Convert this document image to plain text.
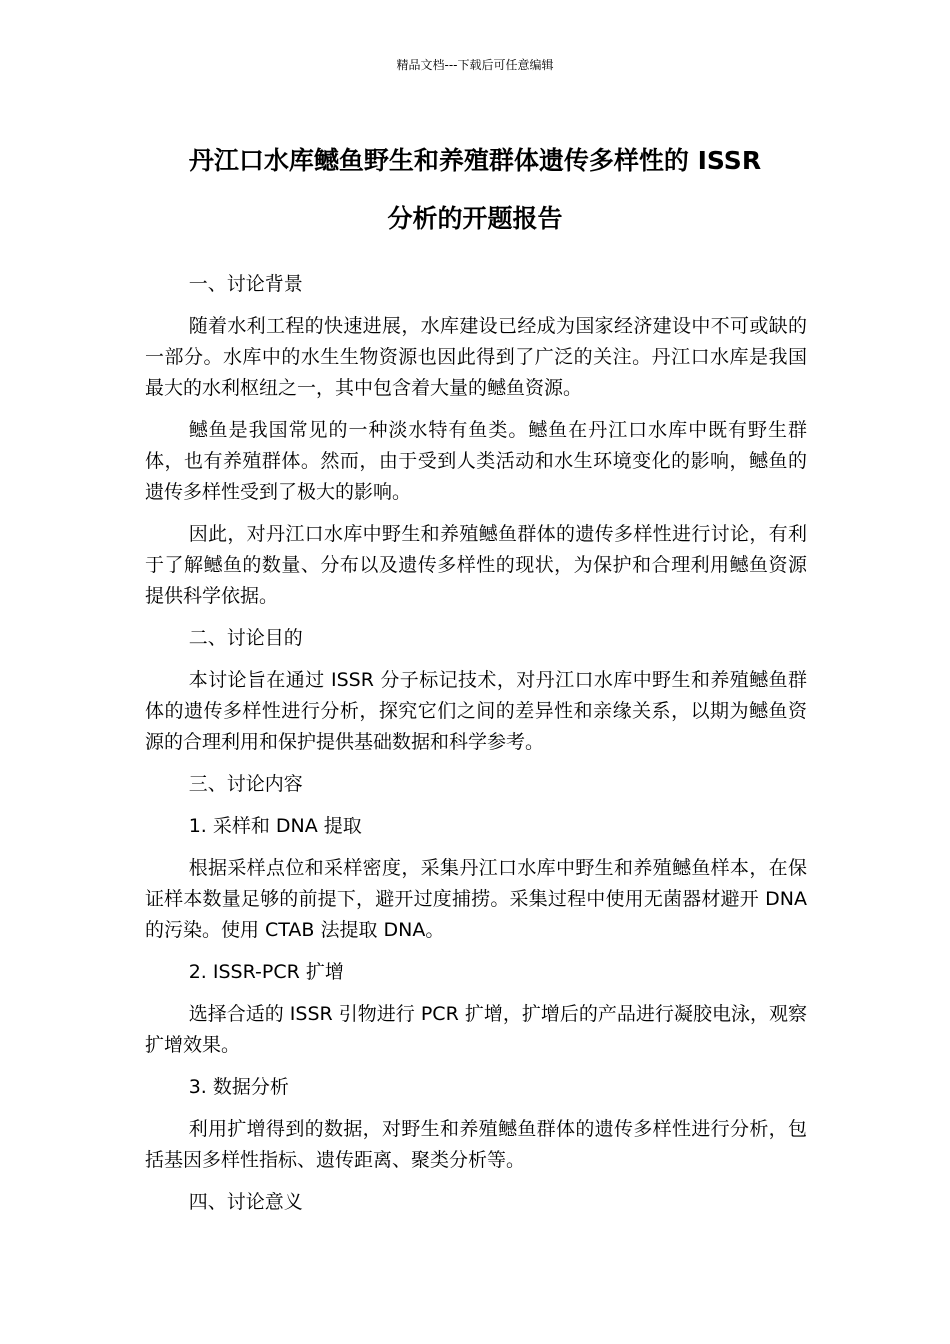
精品文档---下载后可任意编辑
丹江口水库鳡鱼野生和养殖群体遗传多样性的 ISSR
分析的开题报告

一、讨论背景

随着水利工程的快速进展，水库建设已经成为国家经济建设中不可或缺的一部分。水库中的水生生物资源也因此得到了广泛的关注。丹江口水库是我国最大的水利枢纽之一，其中包含着大量的鳡鱼资源。

鳡鱼是我国常见的一种淡水特有鱼类。鳡鱼在丹江口水库中既有野生群体，也有养殖群体。然而，由于受到人类活动和水生环境变化的影响，鳡鱼的遗传多样性受到了极大的影响。

因此，对丹江口水库中野生和养殖鳡鱼群体的遗传多样性进行讨论，有利于了解鳡鱼的数量、分布以及遗传多样性的现状，为保护和合理利用鳡鱼资源提供科学依据。

二、讨论目的

本讨论旨在通过 ISSR 分子标记技术，对丹江口水库中野生和养殖鳡鱼群体的遗传多样性进行分析，探究它们之间的差异性和亲缘关系，以期为鳡鱼资源的合理利用和保护提供基础数据和科学参考。

三、讨论内容

1. 采样和 DNA 提取

根据采样点位和采样密度，采集丹江口水库中野生和养殖鳡鱼样本，在保证样本数量足够的前提下，避开过度捕捞。采集过程中使用无菌器材避开 DNA 的污染。使用 CTAB 法提取 DNA。

2. ISSR-PCR 扩增

选择合适的 ISSR 引物进行 PCR 扩增，扩增后的产品进行凝胶电泳，观察扩增效果。

3. 数据分析

利用扩增得到的数据，对野生和养殖鳡鱼群体的遗传多样性进行分析，包括基因多样性指标、遗传距离、聚类分析等。

四、讨论意义
